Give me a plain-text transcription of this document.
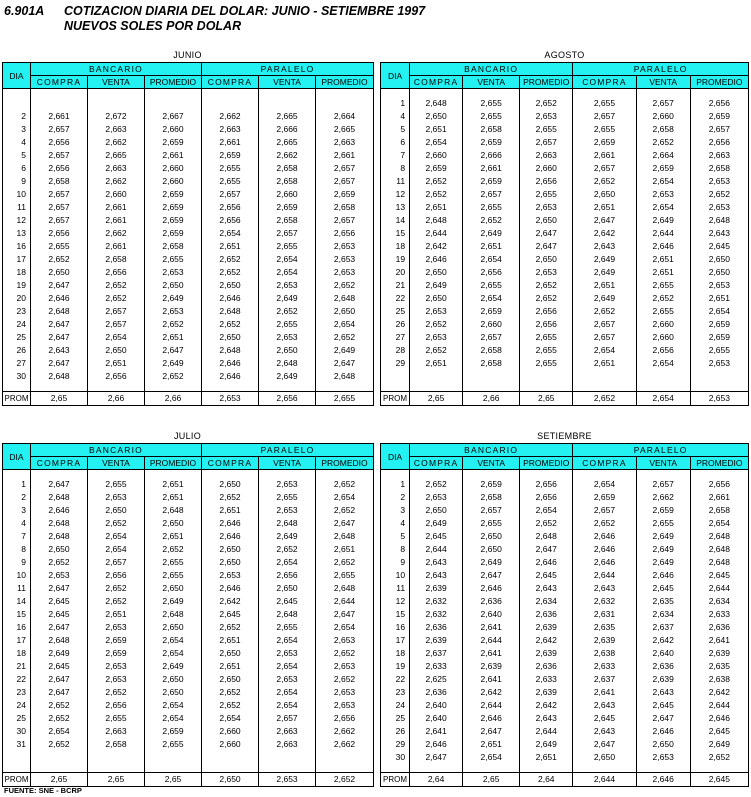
6.901A COTIZACION DIARIA DEL DOLAR: JUNIO - SETIEMBRE 1997
NUEVOS SOLES POR DOLAR
JUNIO
DIA	BANCARIO			PARALELO		
	COMPRA	VENTA	PROMEDIO	COMPRA	VENTA	PROMEDIO

2	2,661	2,672	2,667	2,662	2,665	2,664
3	2,657	2,663	2,660	2,663	2,666	2,665
4	2,656	2,662	2,659	2,661	2,665	2,663
5	2,657	2,665	2,661	2,659	2,662	2,661
6	2,656	2,663	2,660	2,655	2,658	2,657
9	2,658	2,662	2,660	2,655	2,658	2,657
10	2,657	2,660	2,659	2,657	2,660	2,659
11	2,657	2,661	2,659	2,656	2,659	2,658
12	2,657	2,661	2,659	2,656	2,658	2,657
13	2,656	2,662	2,659	2,654	2,657	2,656
16	2,655	2,661	2,658	2,651	2,655	2,653
17	2,652	2,658	2,655	2,652	2,654	2,653
18	2,650	2,656	2,653	2,652	2,654	2,653
19	2,647	2,652	2,650	2,650	2,653	2,652
20	2,646	2,652	2,649	2,646	2,649	2,648
23	2,648	2,657	2,653	2,648	2,652	2,650
24	2,647	2,657	2,652	2,652	2,655	2,654
25	2,647	2,654	2,651	2,650	2,653	2,652
26	2,643	2,650	2,647	2,648	2,650	2,649
27	2,647	2,651	2,649	2,646	2,648	2,647
30	2,648	2,656	2,652	2,646	2,649	2,648

PROM	2,65	2,66	2,66	2,653	2,656	2,655
AGOSTO
DIA	BANCARIO			PARALELO		
	COMPRA	VENTA	PROMEDIO	COMPRA	VENTA	PROMEDIO

1	2,648	2,655	2,652	2,655	2,657	2,656
4	2,650	2,655	2,653	2,657	2,660	2,659
5	2,651	2,658	2,655	2,655	2,658	2,657
6	2,654	2,659	2,657	2,659	2,652	2,656
7	2,660	2,666	2,663	2,661	2,664	2,663
8	2,659	2,661	2,660	2,657	2,659	2,658
11	2,652	2,659	2,656	2,652	2,654	2,653
12	2,652	2,657	2,655	2,650	2,653	2,652
13	2,651	2,655	2,653	2,651	2,654	2,653
14	2,648	2,652	2,650	2,647	2,649	2,648
15	2,644	2,649	2,647	2,642	2,644	2,643
18	2,642	2,651	2,647	2,643	2,646	2,645
19	2,646	2,654	2,650	2,649	2,651	2,650
20	2,650	2,656	2,653	2,649	2,651	2,650
21	2,649	2,655	2,652	2,651	2,655	2,653
22	2,650	2,654	2,652	2,649	2,652	2,651
25	2,653	2,659	2,656	2,652	2,655	2,654
26	2,652	2,660	2,656	2,657	2,660	2,659
27	2,653	2,657	2,655	2,657	2,660	2,659
28	2,652	2,658	2,655	2,654	2,656	2,655
29	2,651	2,658	2,655	2,651	2,654	2,653

PROM	2,65	2,66	2,65	2,652	2,654	2,653
JULIO
DIA	BANCARIO			PARALELO		
	COMPRA	VENTA	PROMEDIO	COMPRA	VENTA	PROMEDIO

1	2,647	2,655	2,651	2,650	2,653	2,652
2	2,648	2,653	2,651	2,652	2,655	2,654
3	2,646	2,650	2,648	2,651	2,653	2,652
4	2,648	2,652	2,650	2,646	2,648	2,647
7	2,648	2,654	2,651	2,646	2,649	2,648
8	2,650	2,654	2,652	2,650	2,652	2,651
9	2,652	2,657	2,655	2,650	2,654	2,652
10	2,653	2,656	2,655	2,653	2,656	2,655
11	2,647	2,652	2,650	2,646	2,650	2,648
14	2,645	2,652	2,649	2,642	2,645	2,644
15	2,645	2,651	2,648	2,645	2,648	2,647
16	2,647	2,653	2,650	2,652	2,655	2,654
17	2,648	2,659	2,654	2,651	2,654	2,653
18	2,649	2,659	2,654	2,650	2,653	2,652
21	2,645	2,653	2,649	2,651	2,654	2,653
22	2,647	2,653	2,650	2,650	2,653	2,652
23	2,647	2,652	2,650	2,652	2,654	2,653
24	2,652	2,656	2,654	2,652	2,654	2,653
25	2,652	2,655	2,654	2,654	2,657	2,656
30	2,654	2,663	2,659	2,660	2,663	2,662
31	2,652	2,658	2,655	2,660	2,663	2,662

PROM	2,65	2,65	2,65	2,650	2,653	2,652
SETIEMBRE
DIA	BANCARIO			PARALELO		
	COMPRA	VENTA	PROMEDIO	COMPRA	VENTA	PROMEDIO

1	2,652	2,659	2,656	2,654	2,657	2,656
2	2,653	2,658	2,656	2,659	2,662	2,661
3	2,650	2,657	2,654	2,657	2,659	2,658
4	2,649	2,655	2,652	2,652	2,655	2,654
5	2,645	2,650	2,648	2,646	2,649	2,648
8	2,644	2,650	2,647	2,646	2,649	2,648
9	2,643	2,649	2,646	2,646	2,649	2,648
10	2,643	2,647	2,645	2,644	2,646	2,645
11	2,639	2,646	2,643	2,643	2,645	2,644
12	2,632	2,636	2,634	2,632	2,635	2,634
15	2,632	2,640	2,636	2,631	2,634	2,633
16	2,636	2,641	2,639	2,635	2,637	2,636
17	2,639	2,644	2,642	2,639	2,642	2,641
18	2,637	2,641	2,639	2,638	2,640	2,639
19	2,633	2,639	2,636	2,633	2,636	2,635
22	2,625	2,641	2,633	2,637	2,639	2,638
23	2,636	2,642	2,639	2,641	2,643	2,642
24	2,640	2,644	2,642	2,643	2,645	2,644
25	2,640	2,646	2,643	2,645	2,647	2,646
26	2,641	2,647	2,644	2,643	2,646	2,645
29	2,646	2,651	2,649	2,647	2,650	2,649
30	2,647	2,654	2,651	2,650	2,653	2,652

PROM	2,64	2,65	2,64	2,644	2,646	2,645
FUENTE: SNE - BCRP
